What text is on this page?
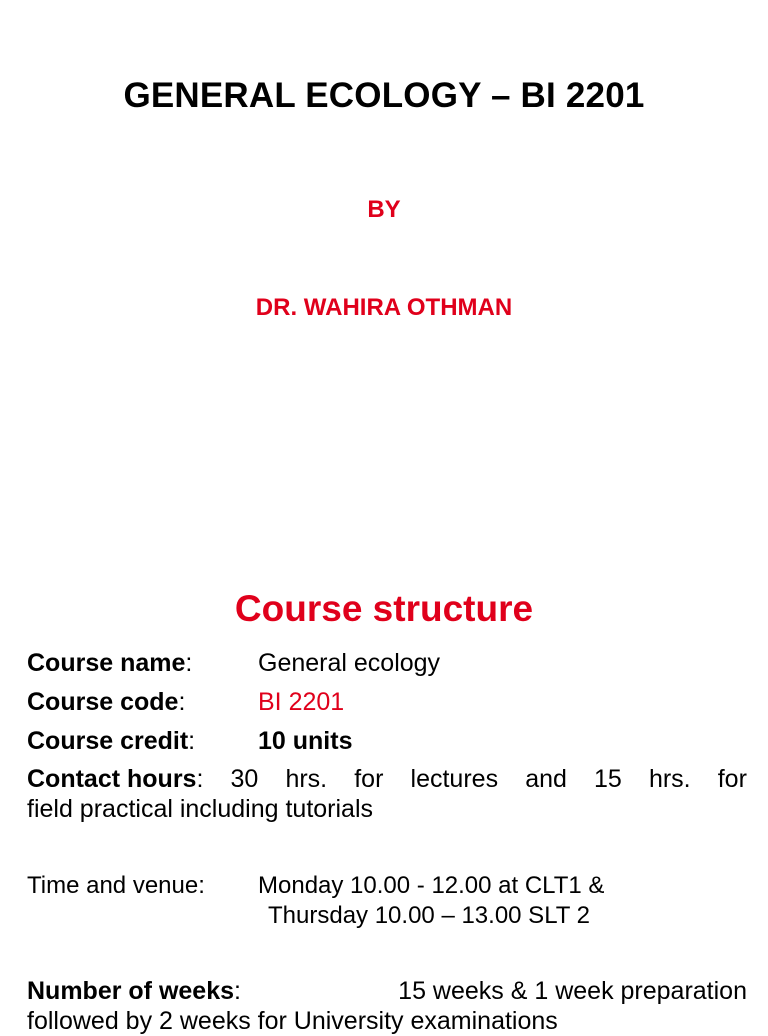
GENERAL ECOLOGY – BI 2201
BY
DR. WAHIRA OTHMAN
Course structure
Course name:	General ecology
Course code:	BI 2201
Course credit:	10 units
Contact hours: 30 hrs. for lectures and 15 hrs. for
field practical including tutorials
Time and venue: Monday 10.00 - 12.00 at CLT1 &
Thursday 10.00 – 13.00 SLT 2
Number of weeks:	15 weeks & 1 week preparation
followed by 2 weeks for University examinations
